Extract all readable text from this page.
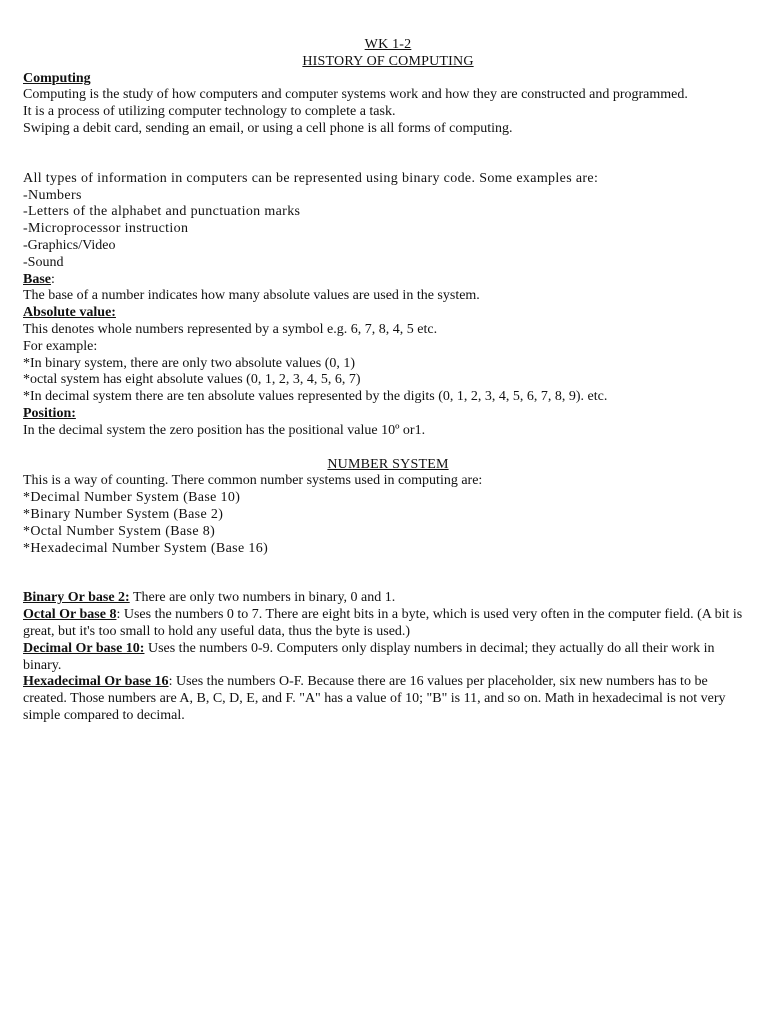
WK 1-2

HISTORY OF COMPUTING

Computing

Computing is the study of how computers and computer systems work and how they are constructed and programmed.

It is a process of utilizing computer technology to complete a task.

Swiping a debit card, sending an email, or using a cell phone is all forms of computing.

All types of information in computers can be represented using binary code. Some examples are:

-Numbers

-Letters of the alphabet and punctuation marks

-Microprocessor instruction

-Graphics/Video

-Sound

Base:

The base of a number indicates how many absolute values are used in the system.

Absolute value:

This denotes whole numbers represented by a symbol e.g. 6, 7, 8, 4, 5 etc.

For example:

*In binary system, there are only two absolute values (0, 1)

*octal system has eight absolute values (0, 1, 2, 3, 4, 5, 6, 7)

*In decimal system there are ten absolute values represented by the digits (0, 1, 2, 3, 4, 5, 6, 7, 8, 9). etc.

Position:

In the decimal system the zero position has the positional value 10º or1.

NUMBER SYSTEM

This is a way of counting. There common number systems used in computing are:

*Decimal Number System (Base 10)

*Binary Number System (Base 2)

*Octal Number System (Base 8)

*Hexadecimal Number System (Base 16)

Binary Or base 2: There are only two numbers in binary, 0 and 1.

Octal Or base 8: Uses the numbers 0 to 7. There are eight bits in a byte, which is used very often in the computer field. (A bit is great, but it's too small to hold any useful data, thus the byte is used.)

Decimal Or base 10: Uses the numbers 0-9. Computers only display numbers in decimal; they actually do all their work in binary.

Hexadecimal Or base 16: Uses the numbers O-F. Because there are 16 values per placeholder, six new numbers has to be created. Those numbers are A, B, C, D, E, and F. "A" has a value of 10; "B" is 11, and so on. Math in hexadecimal is not very simple compared to decimal.
